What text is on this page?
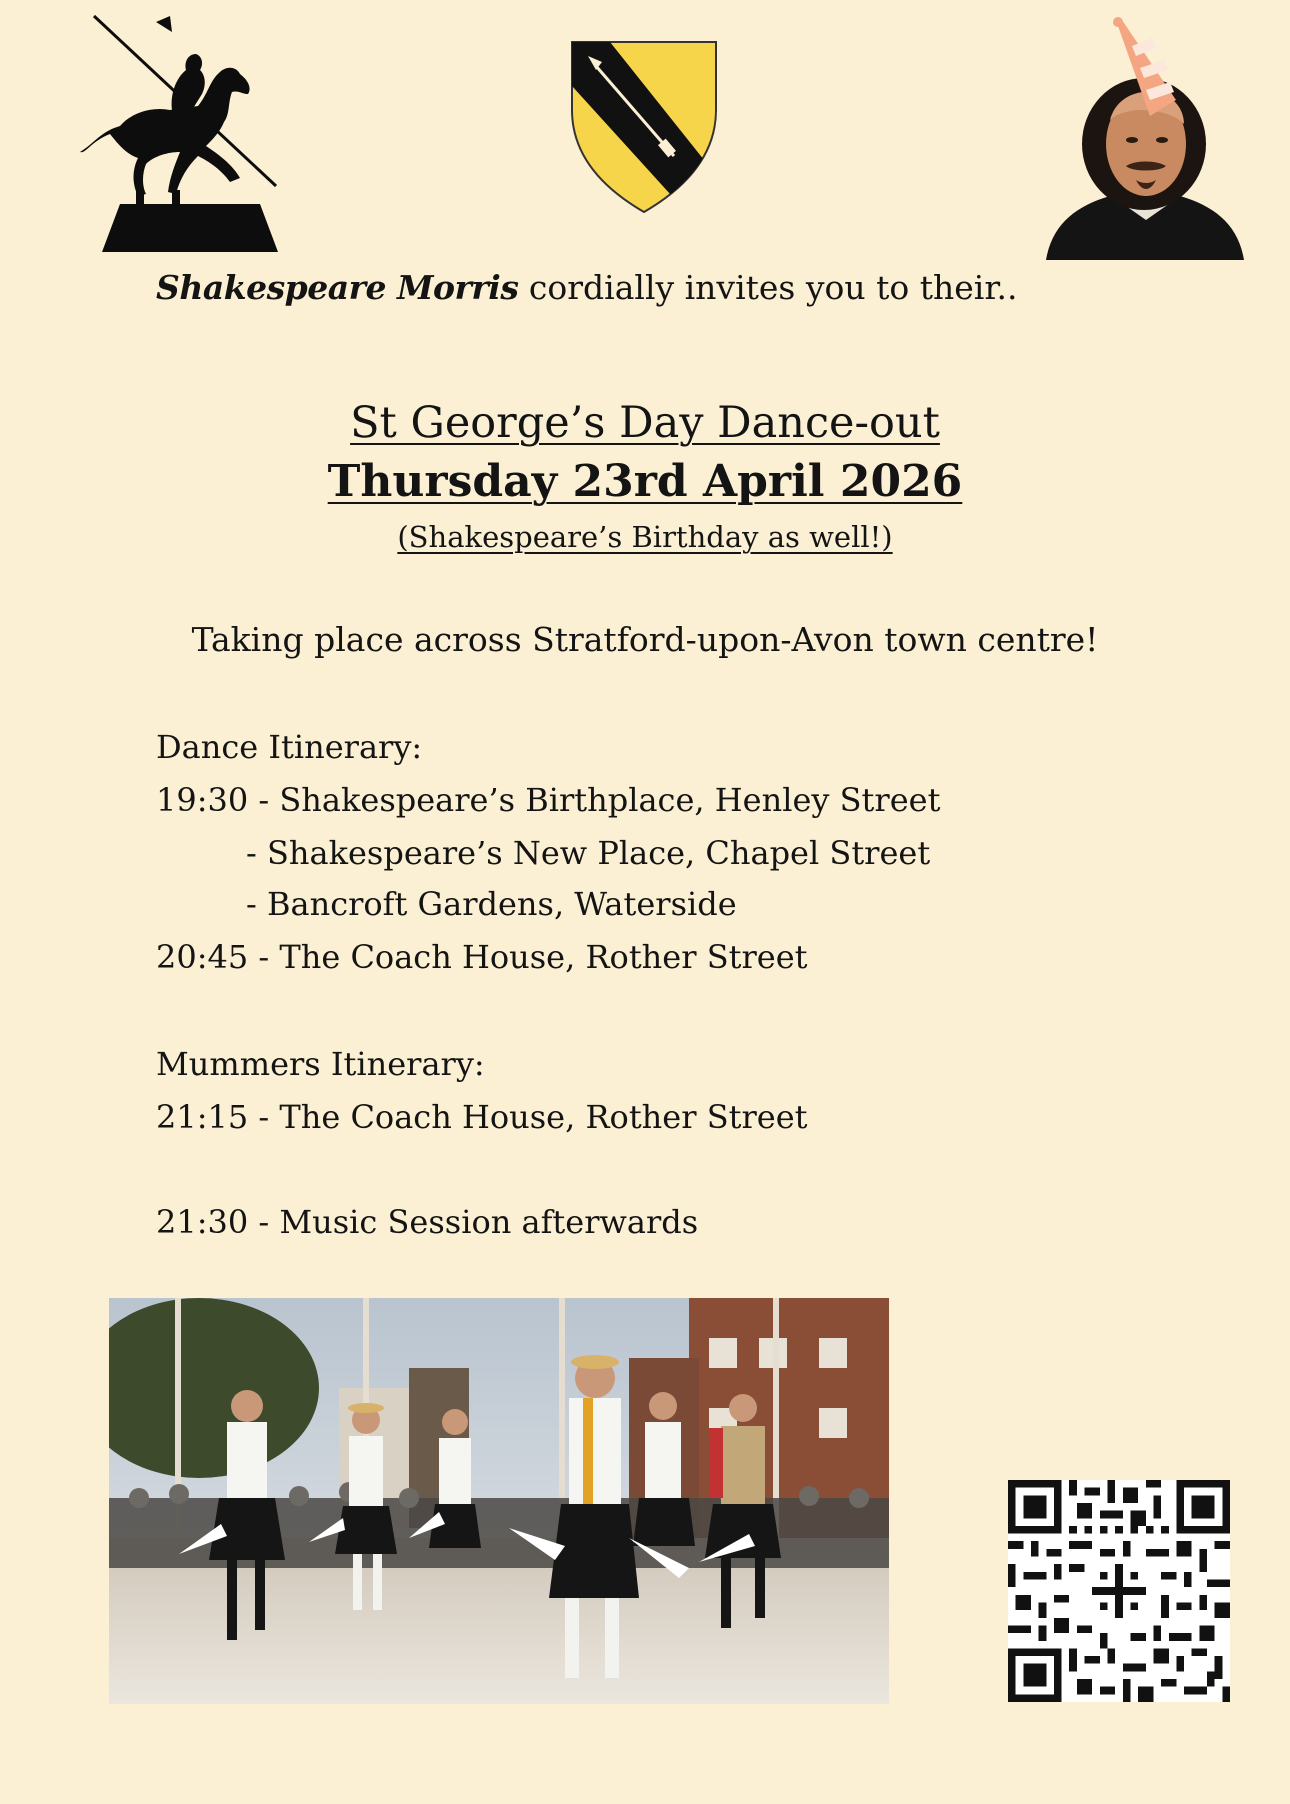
Shakespeare Morris cordially invites you to their..
St George’s Day Dance-out
Thursday 23rd April 2026
(Shakespeare’s Birthday as well!)
Taking place across Stratford-upon-Avon town centre!
Dance Itinerary:
19:30 - Shakespeare’s Birthplace, Henley Street
- Shakespeare’s New Place, Chapel Street
- Bancroft Gardens, Waterside
20:45 - The Coach House, Rother Street
Mummers Itinerary:
21:15 - The Coach House, Rother Street
21:30 - Music Session afterwards
